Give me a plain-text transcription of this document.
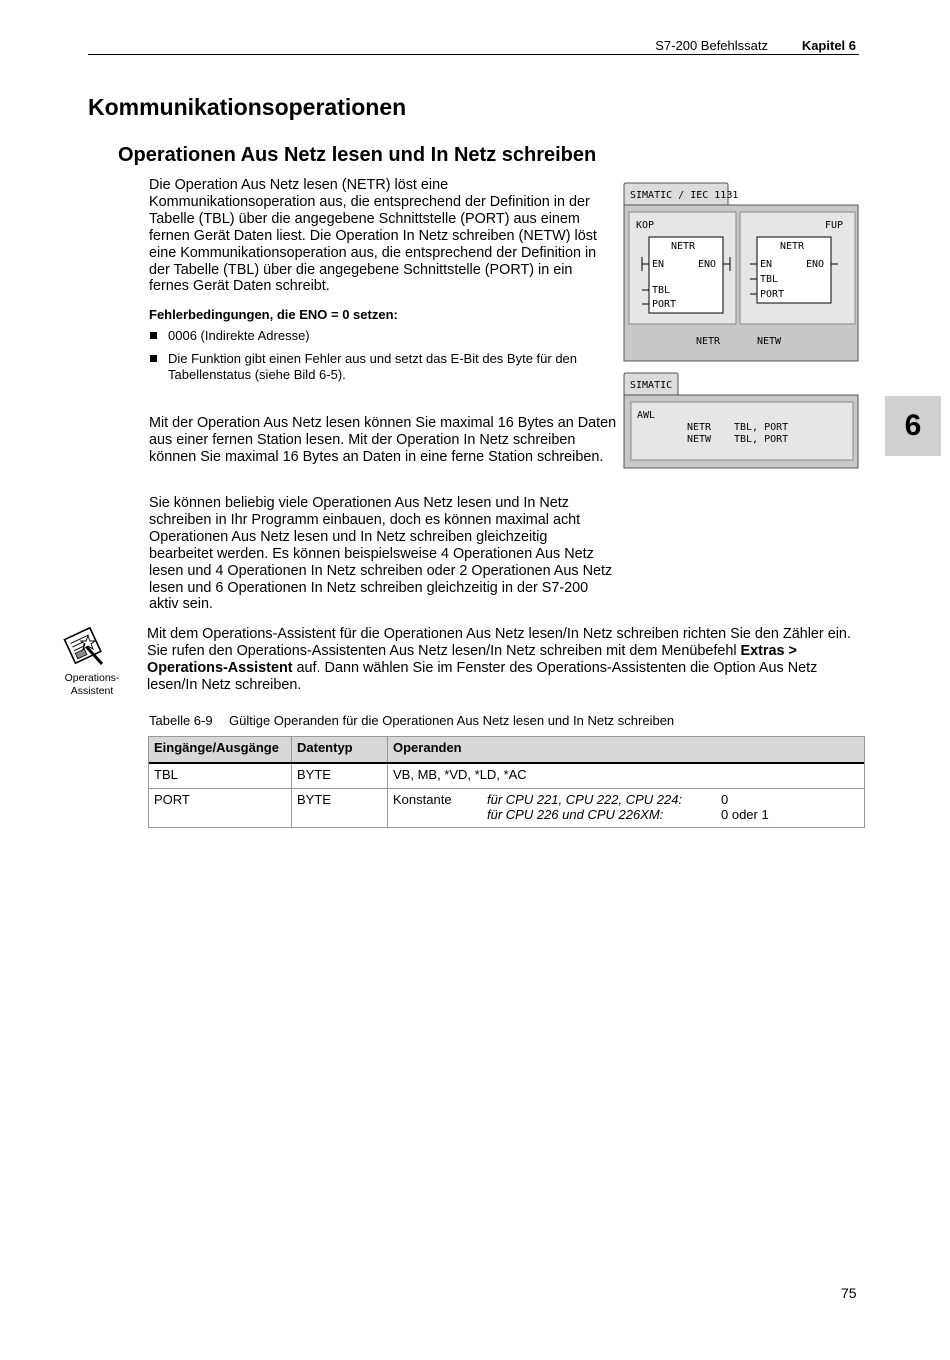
S7-200 Befehlssatz	Kapitel 6
Kommunikationsoperationen
Operationen Aus Netz lesen und In Netz schreiben

Die Operation Aus Netz lesen (NETR) löst eine Kommunikationsoperation aus, die entsprechend der Definition in der Tabelle (TBL) über die angegebene Schnittstelle (PORT) aus einem fernen Gerät Daten liest. Die Operation In Netz schreiben (NETW) löst eine Kommunikationsoperation aus, die entsprechend der Definition in der Tabelle (TBL) über die angegebene Schnittstelle (PORT) in ein fernes Gerät Daten schreibt.

Fehlerbedingungen, die ENO = 0 setzen:

0006 (Indirekte Adresse)
Die Funktion gibt einen Fehler aus und setzt das E-Bit des Byte für den Tabellenstatus (siehe Bild 6-5).

Mit der Operation Aus Netz lesen können Sie maximal 16 Bytes an Daten aus einer fernen Station lesen. Mit der Operation In Netz schreiben können Sie maximal 16 Bytes an Daten in eine ferne Station schreiben.

Sie können beliebig viele Operationen Aus Netz lesen und In Netz schreiben in Ihr Programm einbauen, doch es können maximal acht Operationen Aus Netz lesen und In Netz schreiben gleichzeitig bearbeitet werden. Es können beispielsweise 4 Operationen Aus Netz lesen und 4 Operationen In Netz schreiben oder 2 Operationen Aus Netz lesen und 6 Operationen In Netz schreiben gleichzeitig in der S7-200 aktiv sein.

SIMATIC / IEC 1131
KOP	FUP
NETR
EN	ENO
TBL
PORT
NETR
EN	ENO
TBL
PORT
NETR	NETW
SIMATIC
AWL
NETR TBL, PORT
NETW TBL, PORT	6
Operations-
Assistent

Mit dem Operations-Assistent für die Operationen Aus Netz lesen/In Netz schreiben richten Sie den Zähler ein. Sie rufen den Operations-Assistenten Aus Netz lesen/In Netz schreiben mit dem Menübefehl Extras > Operations-Assistent auf. Dann wählen Sie im Fenster des Operations-Assistenten die Option Aus Netz lesen/In Netz schreiben.

Tabelle 6-9 Gültige Operanden für die Operationen Aus Netz lesen und In Netz schreiben
Eingänge/Ausgänge	Datentyp	Operanden
TBL	BYTE	VB, MB, *VD, *LD, *AC
PORT	BYTE	Konstante	für CPU 221, CPU 222, CPU 224:	0
für CPU 226 und CPU 226XM:	0 oder 1
75
